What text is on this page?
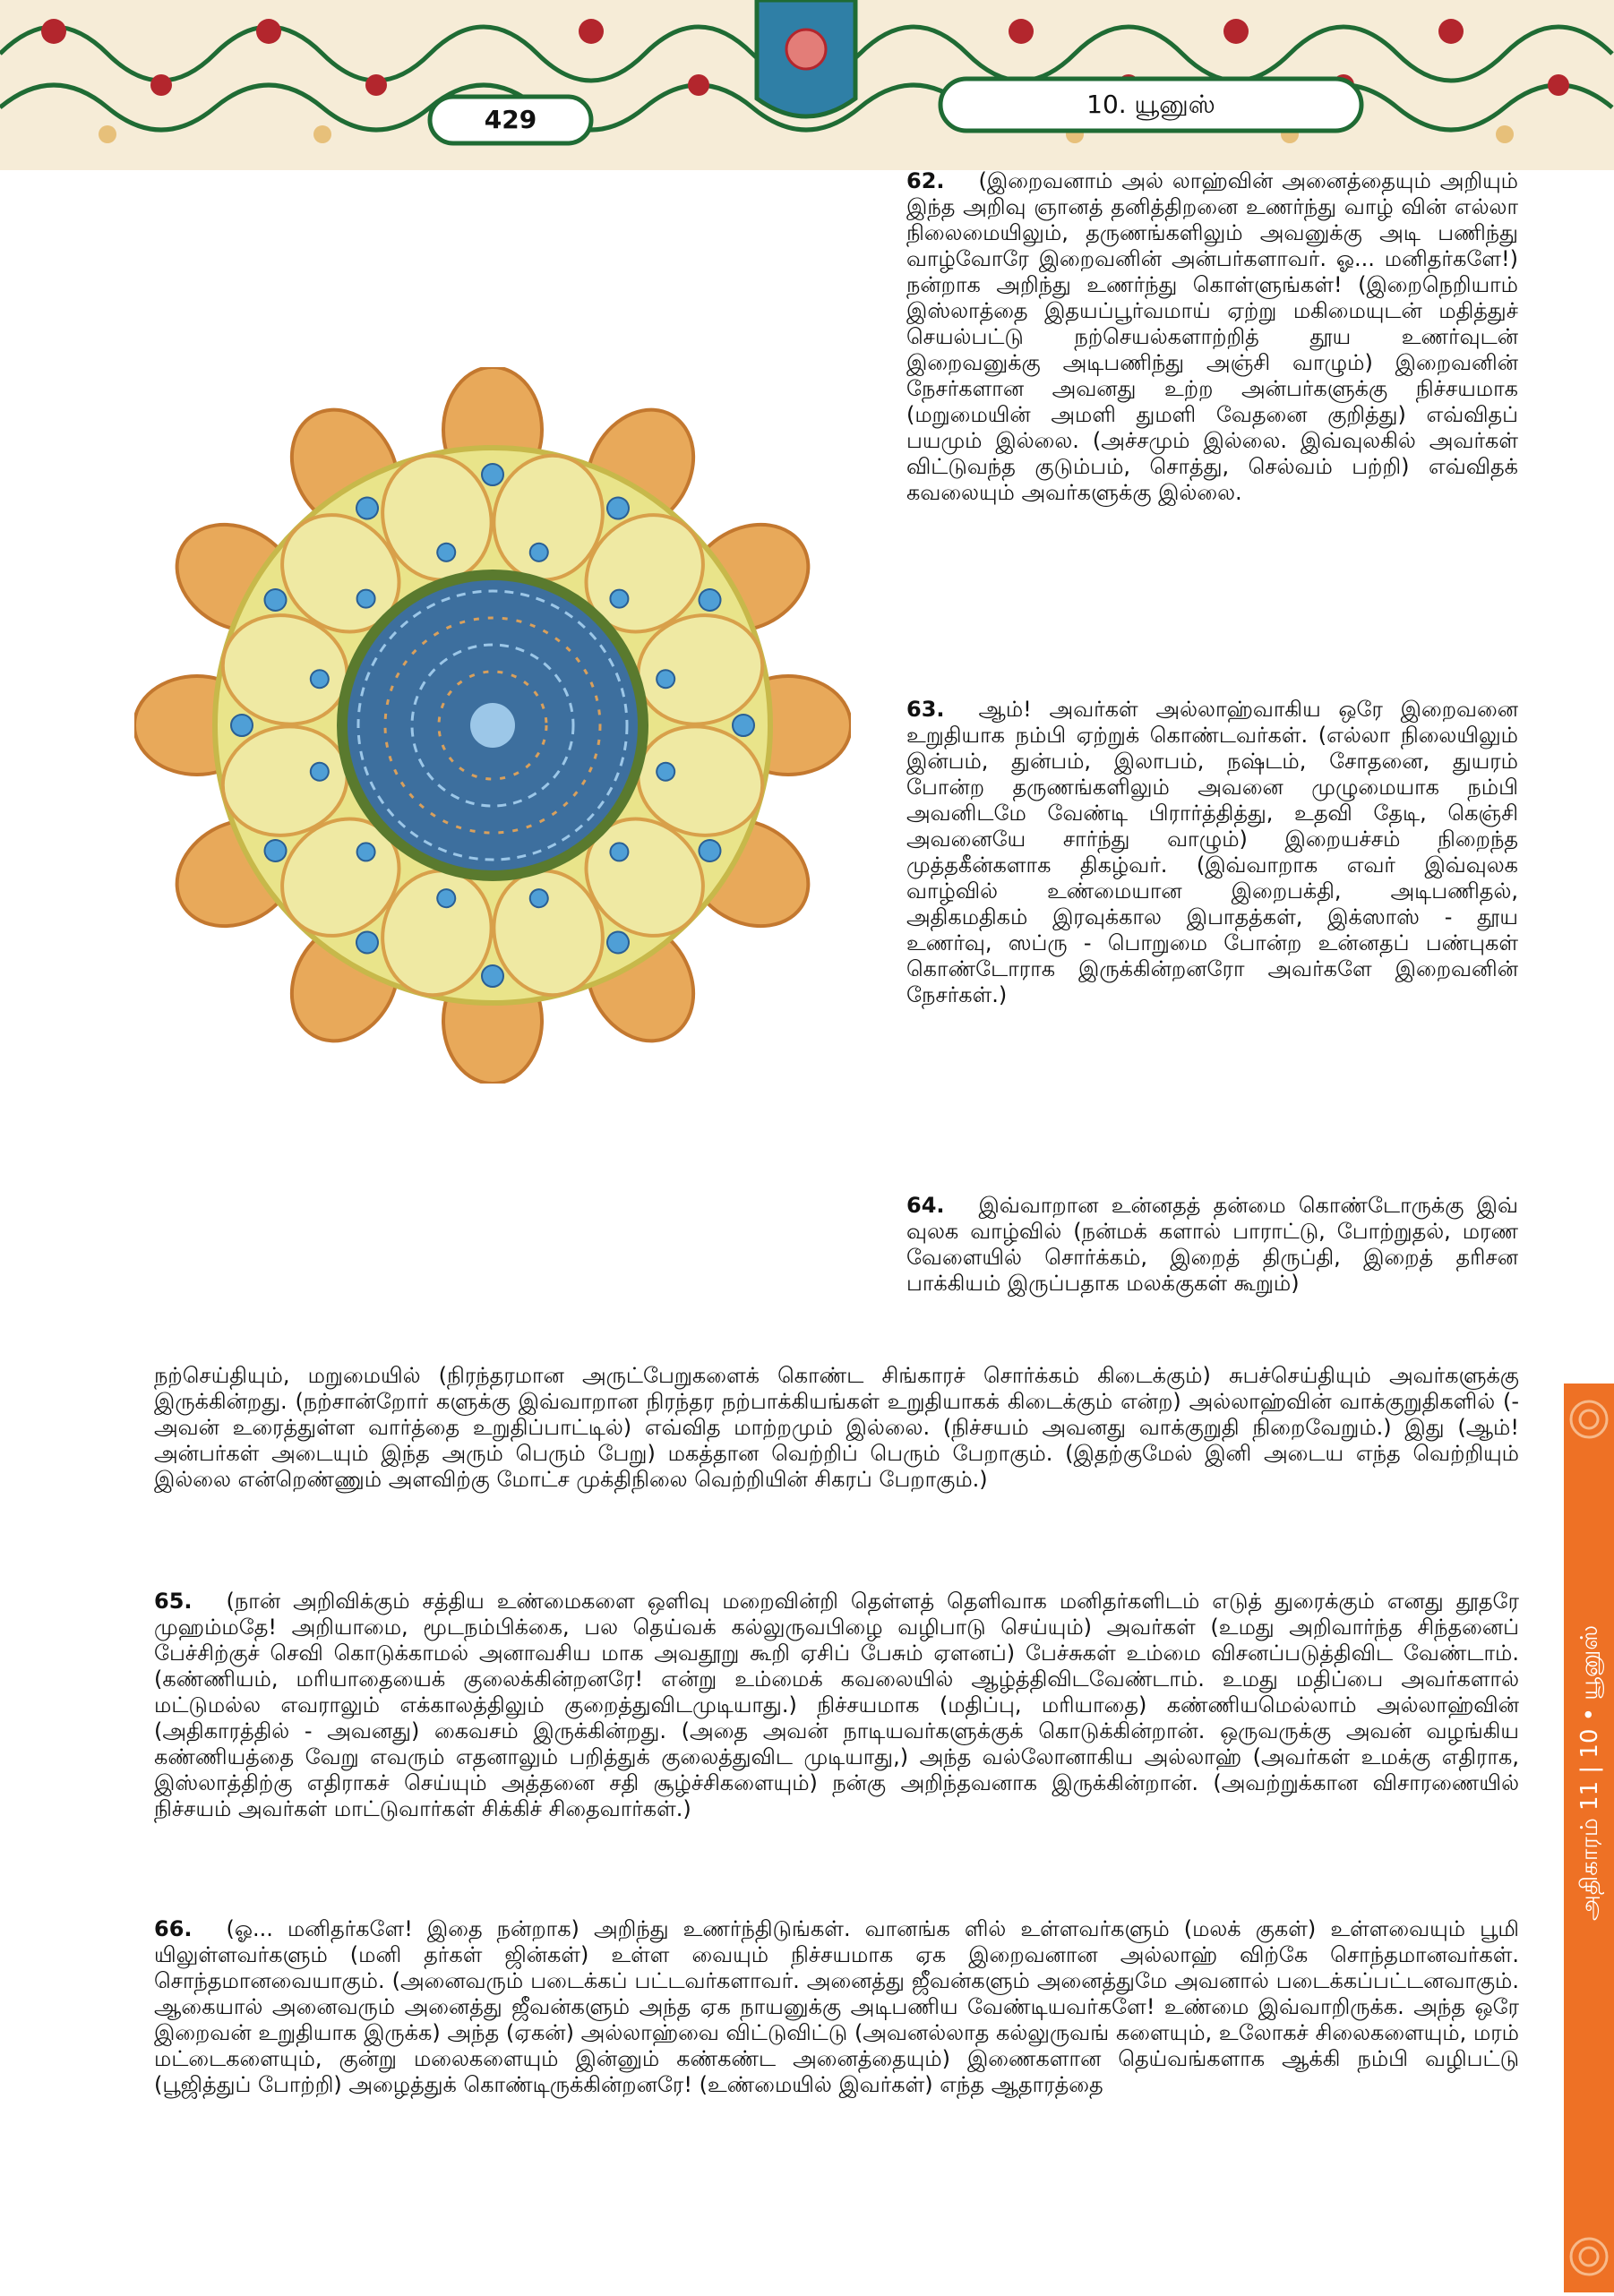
429
10. யூனுஸ்

62. (இறைவனாம் அல் லாஹ்வின் அனைத்தையும் அறியும் இந்த அறிவு ஞானத் தனித்திறனை உணர்ந்து வாழ் வின் எல்லா நிலைமையிலும், தருணங்களிலும் அவனுக்கு அடி பணிந்து வாழ்வோரே இறைவனின் அன்பர்களாவர். ஓ... மனிதர்களே!) நன்றாக அறிந்து உணர்ந்து கொள்ளுங்கள்! (இறைநெறியாம் இஸ்லாத்தை இதயப்பூர்வமாய் ஏற்று மகிமையுடன் மதித்துச் செயல்பட்டு நற்செயல்களாற்றித் தூய உணர்வுடன் இறைவனுக்கு அடிபணிந்து அஞ்சி வாழும்) இறைவனின் நேசர்களான அவனது உற்ற அன்பர்களுக்கு நிச்சயமாக (மறுமையின் அமளி துமளி வேதனை குறித்து) எவ்விதப் பயமும் இல்லை. (அச்சமும் இல்லை. இவ்வுலகில் அவர்கள் விட்டுவந்த குடும்பம், சொத்து, செல்வம் பற்றி) எவ்விதக் கவலையும் அவர்களுக்கு இல்லை.

63. ஆம்! அவர்கள் அல்லாஹ்வாகிய ஒரே இறைவனை உறுதியாக நம்பி ஏற்றுக் கொண்டவர்கள். (எல்லா நிலையிலும் இன்பம், துன்பம், இலாபம், நஷ்டம், சோதனை, துயரம் போன்ற தருணங்களிலும் அவனை முழுமையாக நம்பி அவனிடமே வேண்டி பிரார்த்தித்து, உதவி தேடி, கெஞ்சி அவனையே சார்ந்து வாழும்) இறையச்சம் நிறைந்த முத்தகீன்களாக திகழ்வர். (இவ்வாறாக எவர் இவ்வுலக வாழ்வில் உண்மையான இறைபக்தி, அடிபணிதல், அதிகமதிகம் இரவுக்கால இபாதத்கள், இக்ஸாஸ் - தூய உணர்வு, ஸப்ரு - பொறுமை போன்ற உன்னதப் பண்புகள் கொண்டோராக இருக்கின்றனரோ அவர்களே இறைவனின் நேசர்கள்.)

64. இவ்வாறான உன்னதத் தன்மை கொண்டோருக்கு இவ் வுலக வாழ்வில் (நன்மக் களால் பாராட்டு, போற்றுதல், மரண வேளையில் சொர்க்கம், இறைத் திருப்தி, இறைத் தரிசன பாக்கியம் இருப்பதாக மலக்குகள் கூறும்)

நற்செய்தியும், மறுமையில் (நிரந்தரமான அருட்பேறுகளைக் கொண்ட சிங்காரச் சொர்க்கம் கிடைக்கும்) சுபச்செய்தியும் அவர்களுக்கு இருக்கின்றது. (நற்சான்றோர் களுக்கு இவ்வாறான நிரந்தர நற்பாக்கியங்கள் உறுதியாகக் கிடைக்கும் என்ற) அல்லாஹ்வின் வாக்குறுதிகளில் (-அவன் உரைத்துள்ள வார்த்தை உறுதிப்பாட்டில்) எவ்வித மாற்றமும் இல்லை. (நிச்சயம் அவனது வாக்குறுதி நிறைவேறும்.) இது (ஆம்! அன்பர்கள் அடையும் இந்த அரும் பெரும் பேறு) மகத்தான வெற்றிப் பெரும் பேறாகும். (இதற்குமேல் இனி அடைய எந்த வெற்றியும் இல்லை என்றெண்ணும் அளவிற்கு மோட்ச முக்திநிலை வெற்றியின் சிகரப் பேறாகும்.)

65. (நான் அறிவிக்கும் சத்திய உண்மைகளை ஒளிவு மறைவின்றி தெள்ளத் தெளிவாக மனிதர்களிடம் எடுத் துரைக்கும் எனது தூதரே முஹம்மதே! அறியாமை, மூடநம்பிக்கை, பல தெய்வக் கல்லுருவபிழை வழிபாடு செய்யும்) அவர்கள் (உமது அறிவார்ந்த சிந்தனைப் பேச்சிற்குச் செவி கொடுக்காமல் அனாவசிய மாக அவதூறு கூறி ஏசிப் பேசும் ஏளனப்) பேச்சுகள் உம்மை விசனப்படுத்திவிட வேண்டாம். (கண்ணியம், மரியாதையைக் குலைக்கின்றனரே! என்று உம்மைக் கவலையில் ஆழ்த்திவிடவேண்டாம். உமது மதிப்பை அவர்களால் மட்டுமல்ல எவராலும் எக்காலத்திலும் குறைத்துவிடமுடியாது.) நிச்சயமாக (மதிப்பு, மரியாதை) கண்ணியமெல்லாம் அல்லாஹ்வின் (அதிகாரத்தில் - அவனது) கைவசம் இருக்கின்றது. (அதை அவன் நாடியவர்களுக்குக் கொடுக்கின்றான். ஒருவருக்கு அவன் வழங்கிய கண்ணியத்தை வேறு எவரும் எதனாலும் பறித்துக் குலைத்துவிட முடியாது,) அந்த வல்லோனாகிய அல்லாஹ் (அவர்கள் உமக்கு எதிராக, இஸ்லாத்திற்கு எதிராகச் செய்யும் அத்தனை சதி சூழ்ச்சிகளையும்) நன்கு அறிந்தவனாக இருக்கின்றான். (அவற்றுக்கான விசாரணையில் நிச்சயம் அவர்கள் மாட்டுவார்கள் சிக்கிச் சிதைவார்கள்.)

66. (ஓ... மனிதர்களே! இதை நன்றாக) அறிந்து உணர்ந்திடுங்கள். வானங்க ளில் உள்ளவர்களும் (மலக் குகள்) உள்ளவையும் பூமி யிலுள்ளவர்களும் (மனி தர்கள் ஜின்கள்) உள்ள வையும் நிச்சயமாக ஏக இறைவனான அல்லாஹ் விற்கே சொந்தமானவர்கள். சொந்தமானவையாகும். (அனைவரும் படைக்கப் பட்டவர்களாவர். அனைத்து ஜீவன்களும் அனைத்துமே அவனால் படைக்கப்பட்டனவாகும். ஆகையால் அனைவரும் அனைத்து ஜீவன்களும் அந்த ஏக நாயனுக்கு அடிபணிய வேண்டியவர்களே! உண்மை இவ்வாறிருக்க. அந்த ஒரே இறைவன் உறுதியாக இருக்க) அந்த (ஏகன்) அல்லாஹ்வை விட்டுவிட்டு (அவனல்லாத கல்லுருவங் களையும், உலோகச் சிலைகளையும், மரம் மட்டைகளையும், குன்று மலைகளையும் இன்னும் கண்கண்ட அனைத்தையும்) இணைகளான தெய்வங்களாக ஆக்கி நம்பி வழிபட்டு (பூஜித்துப் போற்றி) அழைத்துக் கொண்டிருக்கின்றனரே! (உண்மையில் இவர்கள்) எந்த ஆதாரத்தை

அதிகாரம் 11 | 10 • யூனுஸ்
